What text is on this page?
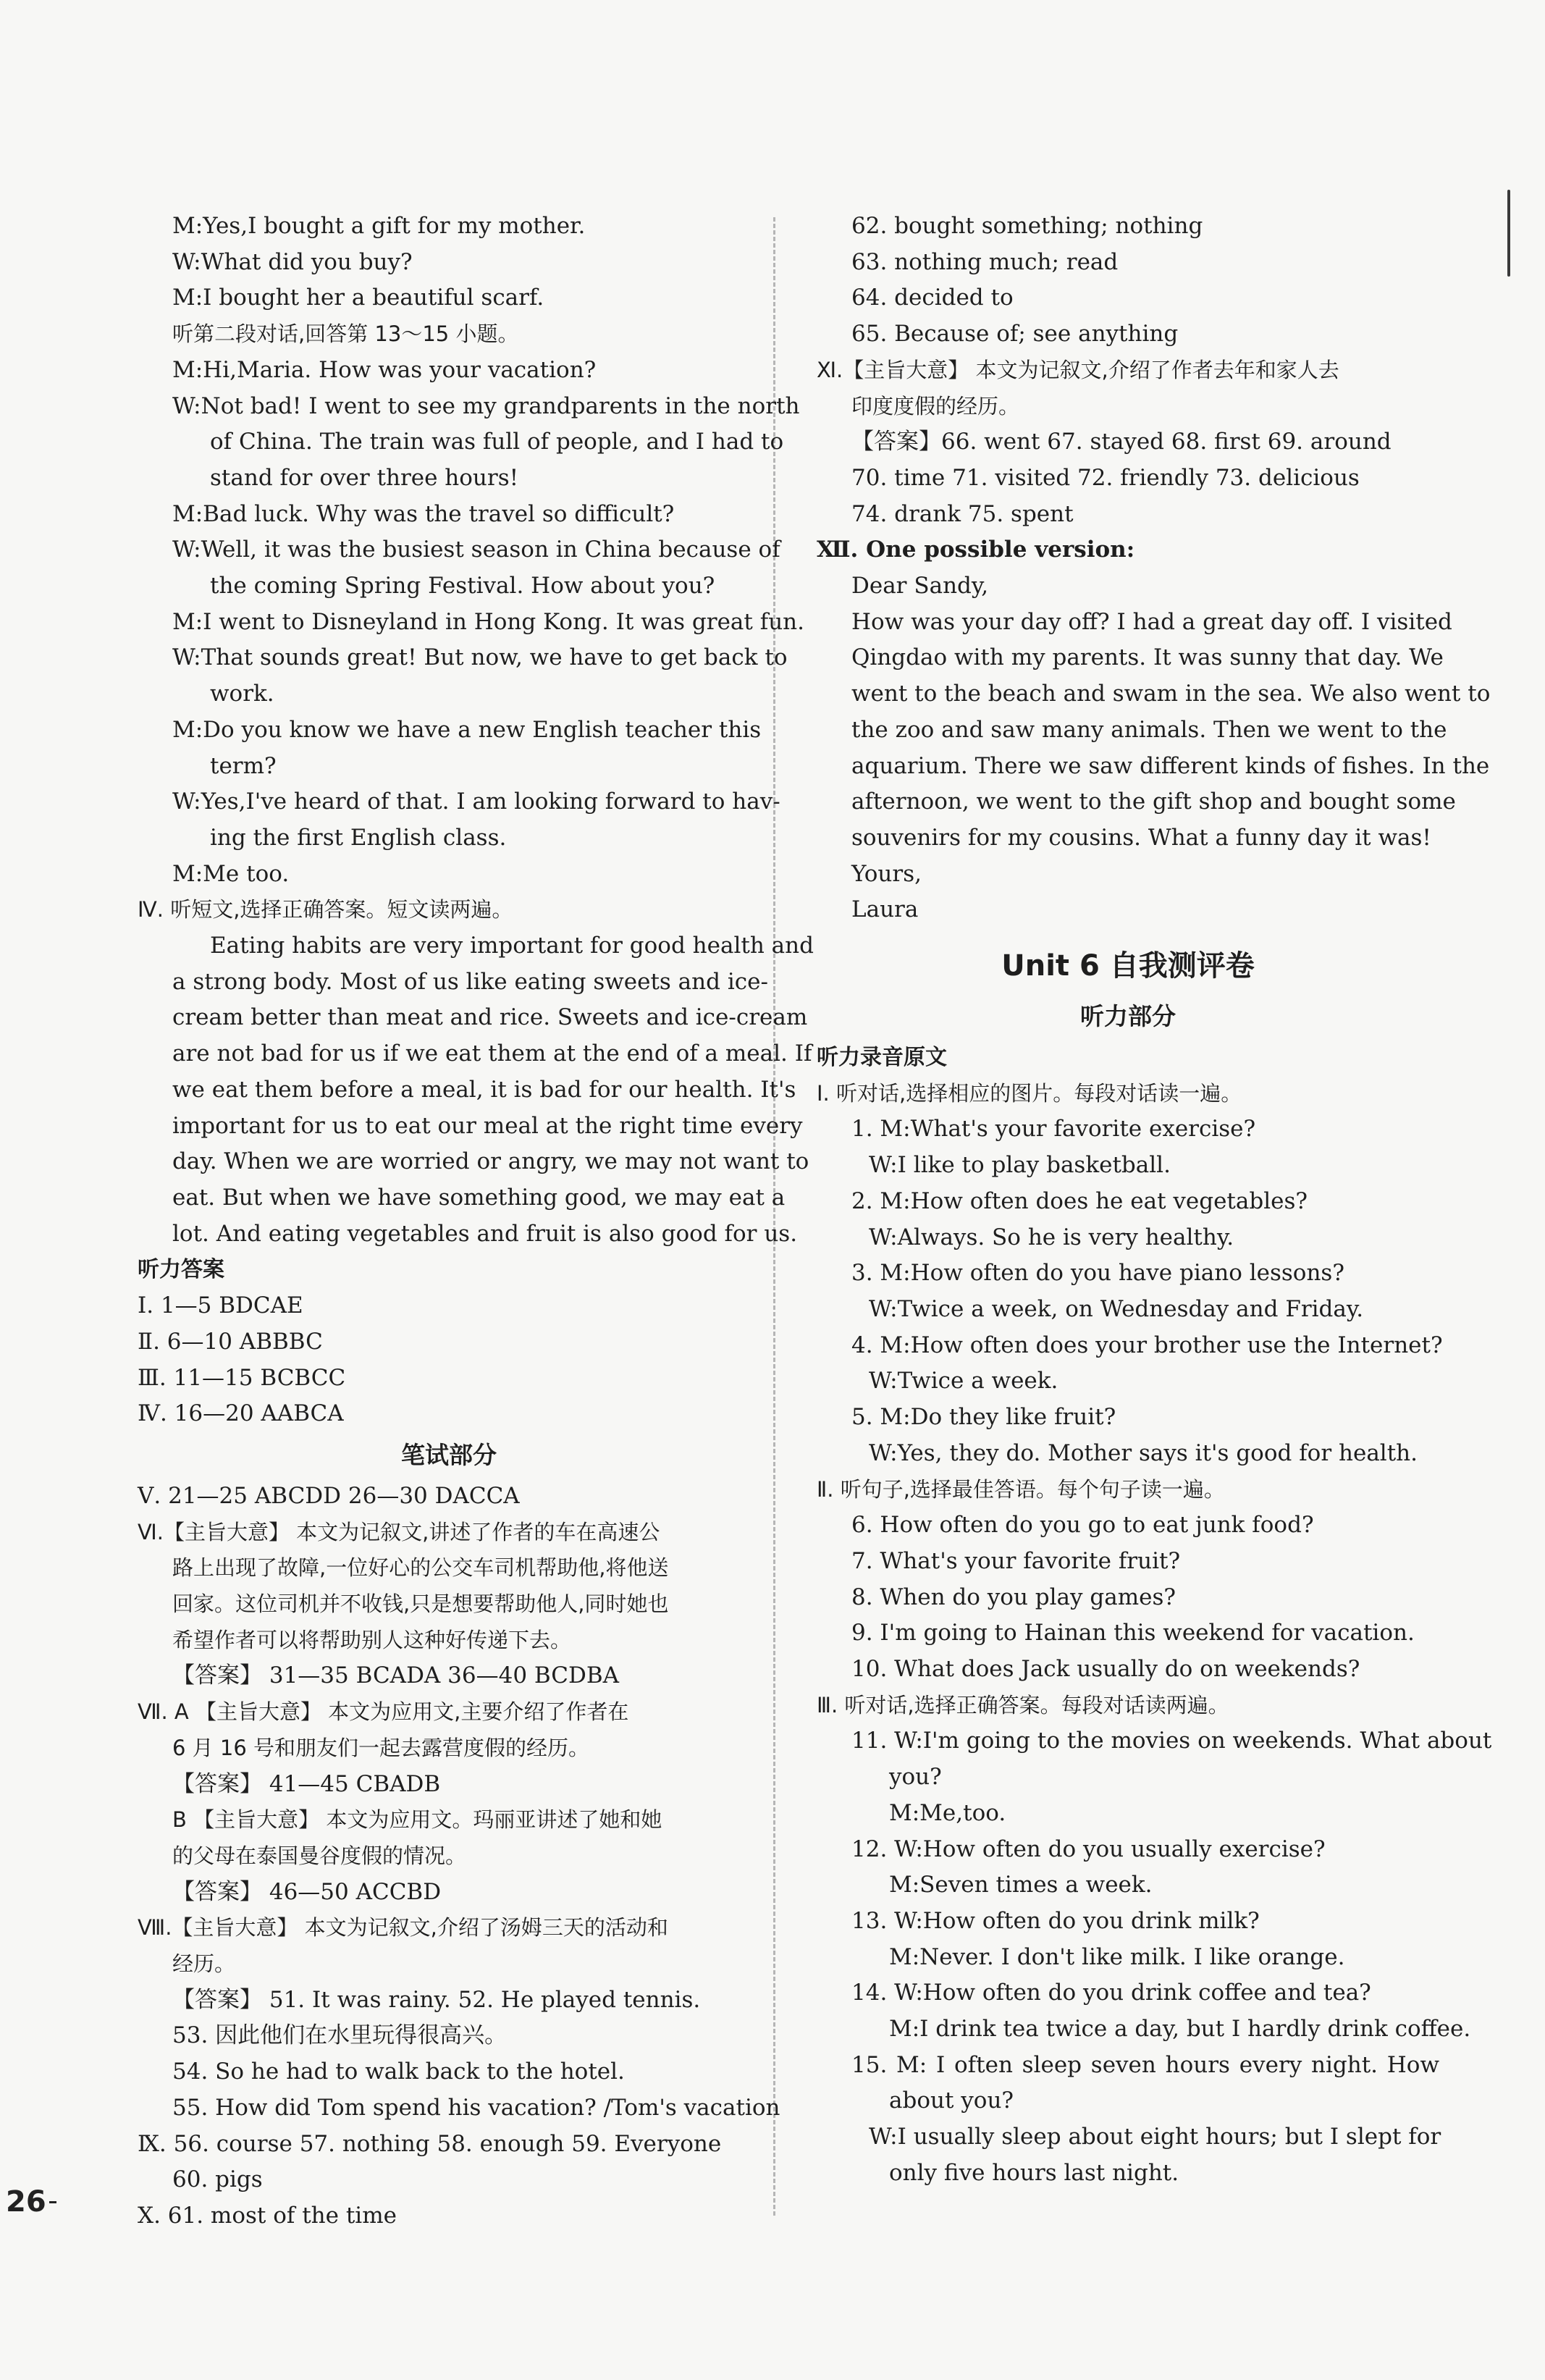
M:Yes,I bought a gift for my mother.
W:What did you buy?
M:I bought her a beautiful scarf.
听第二段对话,回答第 13～15 小题。
M:Hi,Maria. How was your vacation?
W:Not bad! I went to see my grandparents in the north
of China. The train was full of people, and I had to
stand for over three hours!
M:Bad luck. Why was the travel so difficult?
W:Well, it was the busiest season in China because of
the coming Spring Festival. How about you?
M:I went to Disneyland in Hong Kong. It was great fun.
W:That sounds great! But now, we have to get back to
work.
M:Do you know we have a new English teacher this
term?
W:Yes,I've heard of that. I am looking forward to hav-
ing the first English class.
M:Me too.
Ⅳ. 听短文,选择正确答案。短文读两遍。
Eating habits are very important for good health and
a strong body. Most of us like eating sweets and ice-
cream better than meat and rice. Sweets and ice-cream
are not bad for us if we eat them at the end of a meal. If
we eat them before a meal, it is bad for our health. It's
important for us to eat our meal at the right time every
day. When we are worried or angry, we may not want to
eat. But when we have something good, we may eat a
lot. And eating vegetables and fruit is also good for us.
听力答案
Ⅰ. 1—5 BDCAE
Ⅱ. 6—10 ABBBC
Ⅲ. 11—15 BCBCC
Ⅳ. 16—20 AABCA
笔试部分
Ⅴ. 21—25 ABCDD 26—30 DACCA
Ⅵ.【主旨大意】 本文为记叙文,讲述了作者的车在高速公
路上出现了故障,一位好心的公交车司机帮助他,将他送
回家。这位司机并不收钱,只是想要帮助他人,同时她也
希望作者可以将帮助别人这种好传递下去。
【答案】 31—35 BCADA 36—40 BCDBA
Ⅶ. A 【主旨大意】 本文为应用文,主要介绍了作者在
6 月 16 号和朋友们一起去露营度假的经历。
【答案】 41—45 CBADB
B 【主旨大意】 本文为应用文。玛丽亚讲述了她和她
的父母在泰国曼谷度假的情况。
【答案】 46—50 ACCBD
Ⅷ.【主旨大意】 本文为记叙文,介绍了汤姆三天的活动和
经历。
【答案】 51. It was rainy. 52. He played tennis.
53. 因此他们在水里玩得很高兴。
54. So he had to walk back to the hotel.
55. How did Tom spend his vacation? /Tom's vacation
Ⅸ. 56. course 57. nothing 58. enough 59. Everyone
60. pigs
Ⅹ. 61. most of the time
62. bought something; nothing
63. nothing much; read
64. decided to
65. Because of; see anything
Ⅺ.【主旨大意】 本文为记叙文,介绍了作者去年和家人去
印度度假的经历。
【答案】66. went 67. stayed 68. first 69. around
70. time 71. visited 72. friendly 73. delicious
74. drank 75. spent
Ⅻ. One possible version:
Dear Sandy,
How was your day off? I had a great day off. I visited
Qingdao with my parents. It was sunny that day. We
went to the beach and swam in the sea. We also went to
the zoo and saw many animals. Then we went to the
aquarium. There we saw different kinds of fishes. In the
afternoon, we went to the gift shop and bought some
souvenirs for my cousins. What a funny day it was!
Yours,
Laura
Unit 6 自我测评卷
听力部分
听力录音原文
Ⅰ. 听对话,选择相应的图片。每段对话读一遍。
1. M:What's your favorite exercise?
W:I like to play basketball.
2. M:How often does he eat vegetables?
W:Always. So he is very healthy.
3. M:How often do you have piano lessons?
W:Twice a week, on Wednesday and Friday.
4. M:How often does your brother use the Internet?
W:Twice a week.
5. M:Do they like fruit?
W:Yes, they do. Mother says it's good for health.
Ⅱ. 听句子,选择最佳答语。每个句子读一遍。
6. How often do you go to eat junk food?
7. What's your favorite fruit?
8. When do you play games?
9. I'm going to Hainan this weekend for vacation.
10. What does Jack usually do on weekends?
Ⅲ. 听对话,选择正确答案。每段对话读两遍。
11. W:I'm going to the movies on weekends. What about
you?
M:Me,too.
12. W:How often do you usually exercise?
M:Seven times a week.
13. W:How often do you drink milk?
M:Never. I don't like milk. I like orange.
14. W:How often do you drink coffee and tea?
M:I drink tea twice a day, but I hardly drink coffee.
15. M: I often sleep seven hours every night. How
about you?
W:I usually sleep about eight hours; but I slept for
only five hours last night.
26
